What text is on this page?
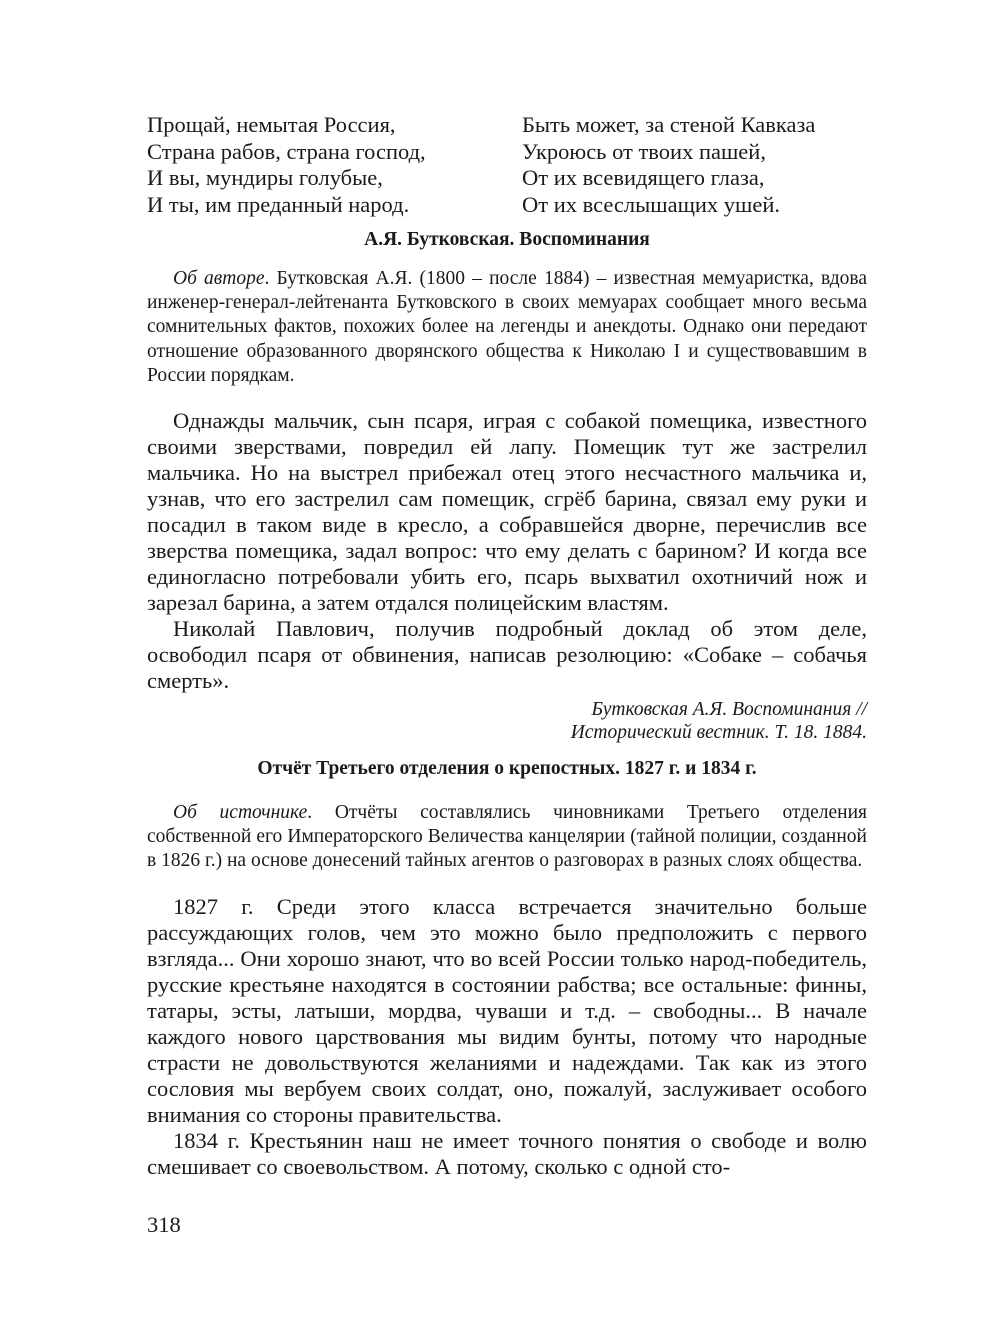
Прощай, немытая Россия,
Страна рабов, страна господ,
И вы, мундиры голубые,
И ты, им преданный народ.
Быть может, за стеной Кавказа
Укроюсь от твоих пашей,
От их всевидящего глаза,
От их всеслышащих ушей.
А.Я. Бутковская. Воспоминания

Об авторе. Бутковская А.Я. (1800 – после 1884) – известная мемуаристка, вдова инженер-генерал-лейтенанта Бутковского в своих мемуарах сообщает много весьма сомнительных фактов, похожих более на легенды и анекдоты. Однако они передают отношение образованного дворянского общества к Николаю I и существовавшим в России порядкам.

Однажды мальчик, сын псаря, играя с собакой помещика, известного своими зверствами, повредил ей лапу. Помещик тут же застрелил мальчика. Но на выстрел прибежал отец этого несчастного мальчика и, узнав, что его застрелил сам помещик, сгрёб барина, связал ему руки и посадил в таком виде в кресло, а собравшейся дворне, перечислив все зверства помещика, задал вопрос: что ему делать с барином? И когда все единогласно потребовали убить его, псарь выхватил охотничий нож и зарезал барина, а затем отдался полицейским властям.

Николай Павлович, получив подробный доклад об этом деле, освободил псаря от обвинения, написав резолюцию: «Собаке – собачья смерть».

Бутковская А.Я. Воспоминания //

Исторический вестник. Т. 18. 1884.

Отчёт Третьего отделения о крепостных. 1827 г. и 1834 г.

Об источнике. Отчёты составлялись чиновниками Третьего отделения собственной его Императорского Величества канцелярии (тайной полиции, созданной в 1826 г.) на основе донесений тайных агентов о разговорах в разных слоях общества.

1827 г. Среди этого класса встречается значительно больше рассуждающих голов, чем это можно было предположить с первого взгляда... Они хорошо знают, что во всей России только народ-победитель, русские крестьяне находятся в состоянии рабства; все остальные: финны, татары, эсты, латыши, мордва, чуваши и т.д. – свободны... В начале каждого нового царствования мы видим бунты, потому что народные страсти не довольствуются желаниями и надеждами. Так как из этого сословия мы вербуем своих солдат, оно, пожалуй, заслуживает особого внимания со стороны правительства.

1834 г. Крестьянин наш не имеет точного понятия о свободе и волю смешивает со своевольством. А потому, сколько с одной сто-

318
